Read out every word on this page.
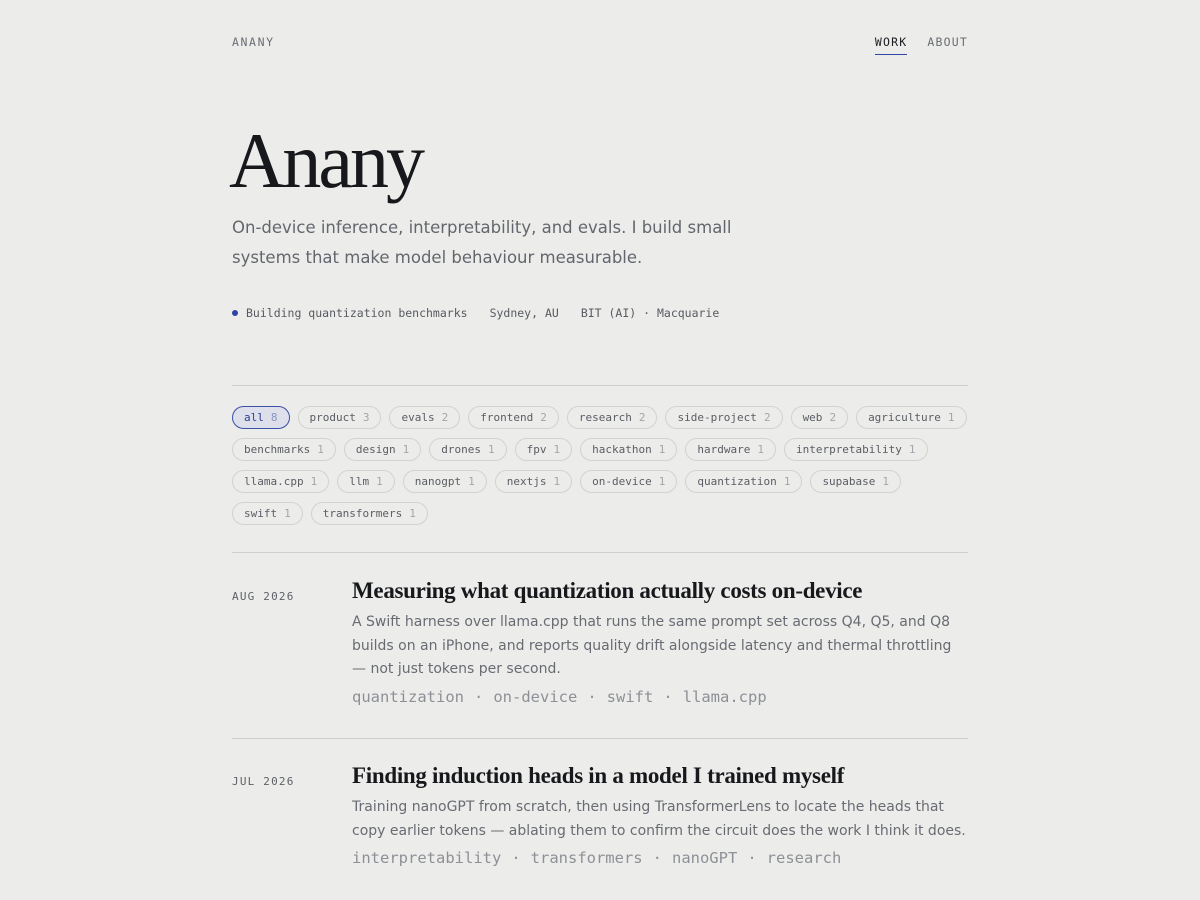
ANANY	WORK ABOUT
Anany

On-device inference, interpretability, and evals. I build small systems that make model behaviour measurable.

Building quantization benchmarks Sydney, AU BIT (AI) · Macquarie
all 8	product 3	evals 2	frontend 2	research 2	side-project 2	web 2	agriculture 1
benchmarks 1	design 1	drones 1	fpv 1	hackathon 1	hardware 1	interpretability 1
llama.cpp 1	llm 1	nanogpt 1	nextjs 1	on-device 1	quantization 1	supabase 1
swift 1	transformers 1
AUG 2026 Measuring what quantization actually costs on-device

A Swift harness over llama.cpp that runs the same prompt set across Q4, Q5, and Q8 builds on an iPhone, and reports quality drift alongside latency and thermal throttling — not just tokens per second.

quantization · on-device · swift · llama.cpp
JUL 2026 Finding induction heads in a model I trained myself

Training nanoGPT from scratch, then using TransformerLens to locate the heads that copy earlier tokens — ablating them to confirm the circuit does the work I think it does.

interpretability · transformers · nanoGPT · research
